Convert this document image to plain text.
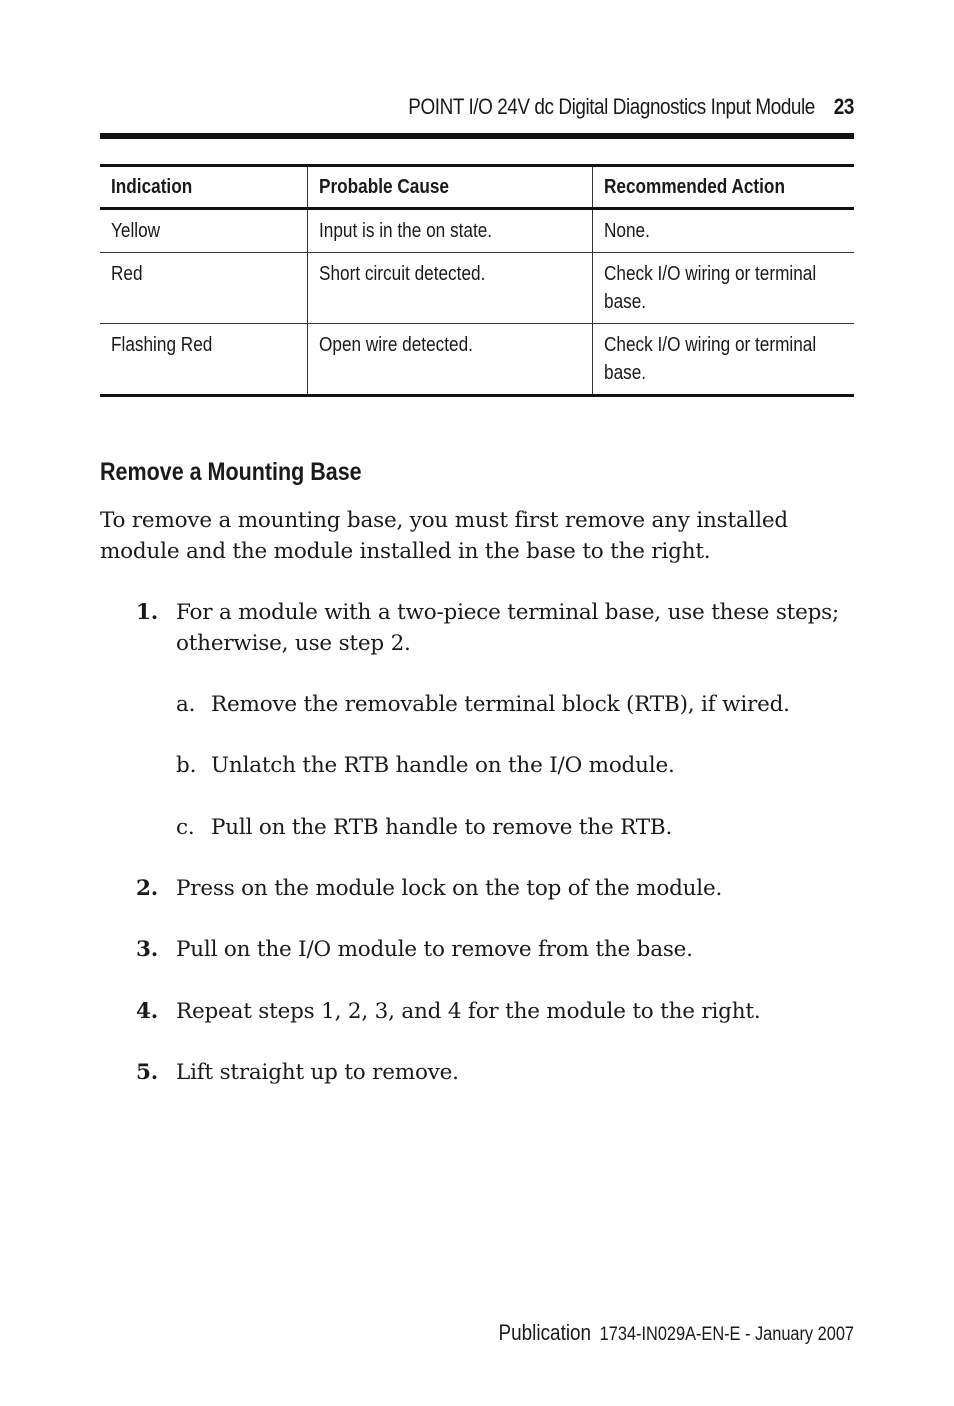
POINT I/O 24V dc Digital Diagnostics Input Module 23
Indication	Probable Cause	Recommended Action
Yellow	Input is in the on state.	None.
Red	Short circuit detected.	Check I/O wiring or terminal base.

Flashing Red	Open wire detected.	Check I/O wiring or terminal base.
Remove a Mounting Base

To remove a mounting base, you must first remove any installed module and the module installed in the base to the right.

1. For a module with a two-piece terminal base, use these steps; otherwise, use step 2.
a. Remove the removable terminal block (RTB), if wired.
b. Unlatch the RTB handle on the I/O module.
c. Pull on the RTB handle to remove the RTB.
2. Press on the module lock on the top of the module.
3. Pull on the I/O module to remove from the base.
4. Repeat steps 1, 2, 3, and 4 for the module to the right.
5. Lift straight up to remove.
Publication 1734-IN029A-EN-E - January 2007
